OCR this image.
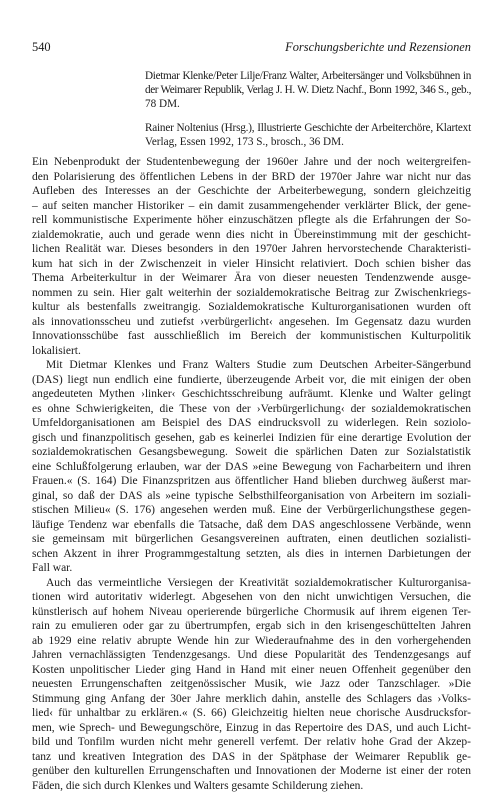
540	Forschungsberichte und Rezensionen
Dietmar Klenke/Peter Lilje/Franz Walter, Arbeitersänger und Volksbühnen in
der Weimarer Republik, Verlag J. H. W. Dietz Nachf., Bonn 1992, 346 S., geb.,
78 DM.
Rainer Noltenius (Hrsg.), Illustrierte Geschichte der Arbeiterchöre, Klartext
Verlag, Essen 1992, 173 S., brosch., 36 DM.
Ein Nebenprodukt der Studentenbewegung der 1960er Jahre und der noch weitergreifen-
den Polarisierung des öffentlichen Lebens in der BRD der 1970er Jahre war nicht nur das
Aufleben des Interesses an der Geschichte der Arbeiterbewegung, sondern gleichzeitig
– auf seiten mancher Historiker – ein damit zusammengehender verklärter Blick, der gene-
rell kommunistische Experimente höher einzuschätzen pflegte als die Erfahrungen der So-
zialdemokratie, auch und gerade wenn dies nicht in Übereinstimmung mit der geschicht-
lichen Realität war. Dieses besonders in den 1970er Jahren hervorstechende Charakteristi-
kum hat sich in der Zwischenzeit in vieler Hinsicht relativiert. Doch schien bisher das
Thema Arbeiterkultur in der Weimarer Ära von dieser neuesten Tendenzwende ausge-
nommen zu sein. Hier galt weiterhin der sozialdemokratische Beitrag zur Zwischenkriegs-
kultur als bestenfalls zweitrangig. Sozialdemokratische Kulturorganisationen wurden oft
als innovationsscheu und zutiefst ›verbürgerlicht‹ angesehen. Im Gegensatz dazu wurden
Innovationsschübe fast ausschließlich im Bereich der kommunistischen Kulturpolitik
lokalisiert.
Mit Dietmar Klenkes und Franz Walters Studie zum Deutschen Arbeiter-Sängerbund
(DAS) liegt nun endlich eine fundierte, überzeugende Arbeit vor, die mit einigen der oben
angedeuteten Mythen ›linker‹ Geschichtsschreibung aufräumt. Klenke und Walter gelingt
es ohne Schwierigkeiten, die These von der ›Verbürgerlichung‹ der sozialdemokratischen
Umfeldorganisationen am Beispiel des DAS eindrucksvoll zu widerlegen. Rein soziolo-
gisch und finanzpolitisch gesehen, gab es keinerlei Indizien für eine derartige Evolution der
sozialdemokratischen Gesangsbewegung. Soweit die spärlichen Daten zur Sozialstatistik
eine Schlußfolgerung erlauben, war der DAS »eine Bewegung von Facharbeitern und ihren
Frauen.« (S. 164) Die Finanzspritzen aus öffentlicher Hand blieben durchweg äußerst mar-
ginal, so daß der DAS als »eine typische Selbsthilfeorganisation von Arbeitern im soziali-
stischen Milieu« (S. 176) angesehen werden muß. Eine der Verbürgerlichungsthese gegen-
läufige Tendenz war ebenfalls die Tatsache, daß dem DAS angeschlossene Verbände, wenn
sie gemeinsam mit bürgerlichen Gesangsvereinen auftraten, einen deutlichen sozialisti-
schen Akzent in ihrer Programmgestaltung setzten, als dies in internen Darbietungen der
Fall war.
Auch das vermeintliche Versiegen der Kreativität sozialdemokratischer Kulturorganisa-
tionen wird autoritativ widerlegt. Abgesehen von den nicht unwichtigen Versuchen, die
künstlerisch auf hohem Niveau operierende bürgerliche Chormusik auf ihrem eigenen Ter-
rain zu emulieren oder gar zu übertrumpfen, ergab sich in den krisengeschüttelten Jahren
ab 1929 eine relativ abrupte Wende hin zur Wiederaufnahme des in den vorhergehenden
Jahren vernachlässigten Tendenzgesangs. Und diese Popularität des Tendenzgesangs auf
Kosten unpolitischer Lieder ging Hand in Hand mit einer neuen Offenheit gegenüber den
neuesten Errungenschaften zeitgenössischer Musik, wie Jazz oder Tanzschlager. »Die
Stimmung ging Anfang der 30er Jahre merklich dahin, anstelle des Schlagers das ›Volks-
lied‹ für unhaltbar zu erklären.« (S. 66) Gleichzeitig hielten neue chorische Ausdrucksfor-
men, wie Sprech- und Bewegungschöre, Einzug in das Repertoire des DAS, und auch Licht-
bild und Tonfilm wurden nicht mehr generell verfemt. Der relativ hohe Grad der Akzep-
tanz und kreativen Integration des DAS in der Spätphase der Weimarer Republik ge-
genüber den kulturellen Errungenschaften und Innovationen der Moderne ist einer der roten
Fäden, die sich durch Klenkes und Walters gesamte Schilderung ziehen.
